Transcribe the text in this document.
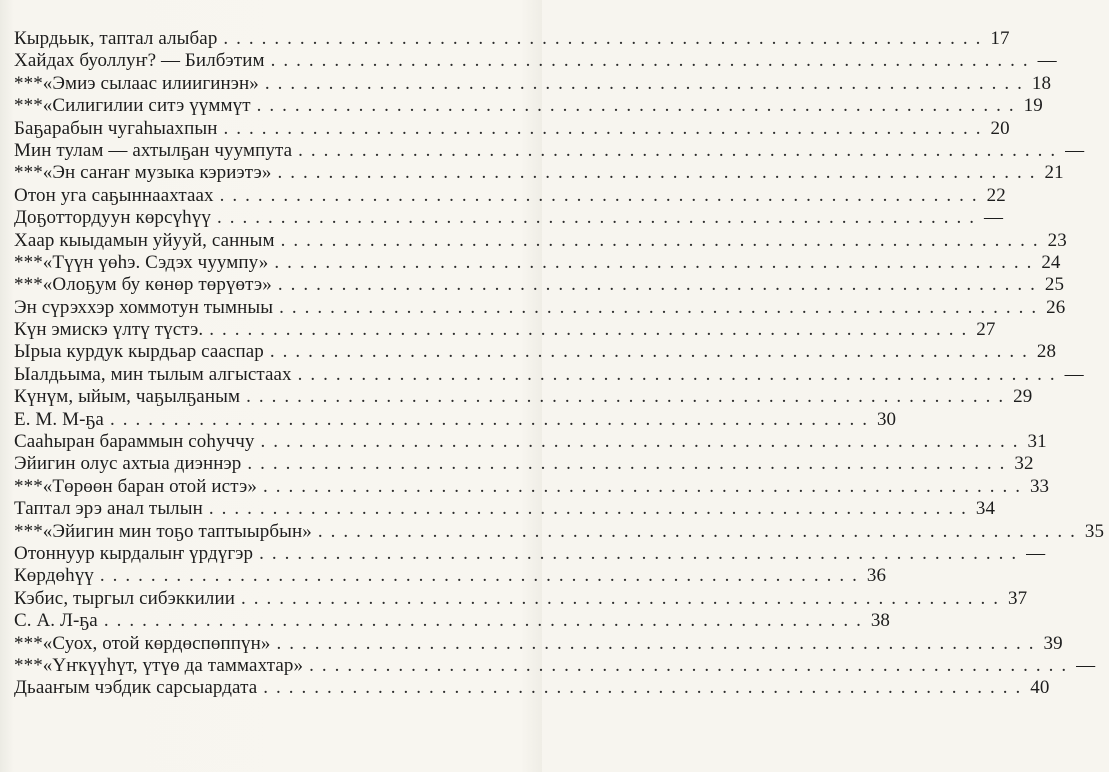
Кырдьык, таптал алыбар ............................................................ 17
Хайдах буоллуҥ? — Билбэтим ............................................................ —
***«Эмиэ сылаас илиигинэн» ............................................................ 18
***«Силигилии ситэ үүммүт ............................................................ 19
Баҕарабын чугаһыахпын ............................................................ 20
Мин тулам — ахтылҕан чуумпута ............................................................ —
***«Эн саҥаҥ музыка кэриэтэ» ............................................................ 21
Отон уга саҕыннаахтаах ............................................................ 22
Доҕоттордуун көрсүһүү ............................................................ —
Хаар кыыдамын уйууй, санным ............................................................ 23
***«Түүн үөһэ. Сэдэх чуумпу» ............................................................ 24
***«Олоҕум бу көнөр төрүөтэ» ............................................................ 25
Эн сүрэххэр хоммотун тымныы ............................................................ 26
Күн эмискэ үлтү түстэ. ............................................................ 27
Ырыа курдук кырдьар сааспар ............................................................ 28
Ыалдьыма, мин тылым алгыстаах ............................................................ —
Күнүм, ыйым, чаҕылҕаным ............................................................ 29
Е. М. М-ҕа ............................................................ 30
Сааһыран бараммын соһуччу ............................................................ 31
Эйигин олус ахтыа диэннэр ............................................................ 32
***«Төрөөн баран отой истэ» ............................................................ 33
Таптал эрэ анал тылын ............................................................ 34
***«Эйигин мин тоҕо таптыырбын» ............................................................ 35
Отоннуур кырдалыҥ үрдүгэр ............................................................ —
Көрдөһүү ............................................................ 36
Кэбис, тыргыл сибэккилии ............................................................ 37
С. А. Л-ҕа ............................................................ 38
***«Суох, отой көрдөспөппүн» ............................................................ 39
***«Үҥкүүһүт, үтүө да таммахтар» ............................................................ —
Дьааҥым чэбдик сарсыардата ............................................................ 40
